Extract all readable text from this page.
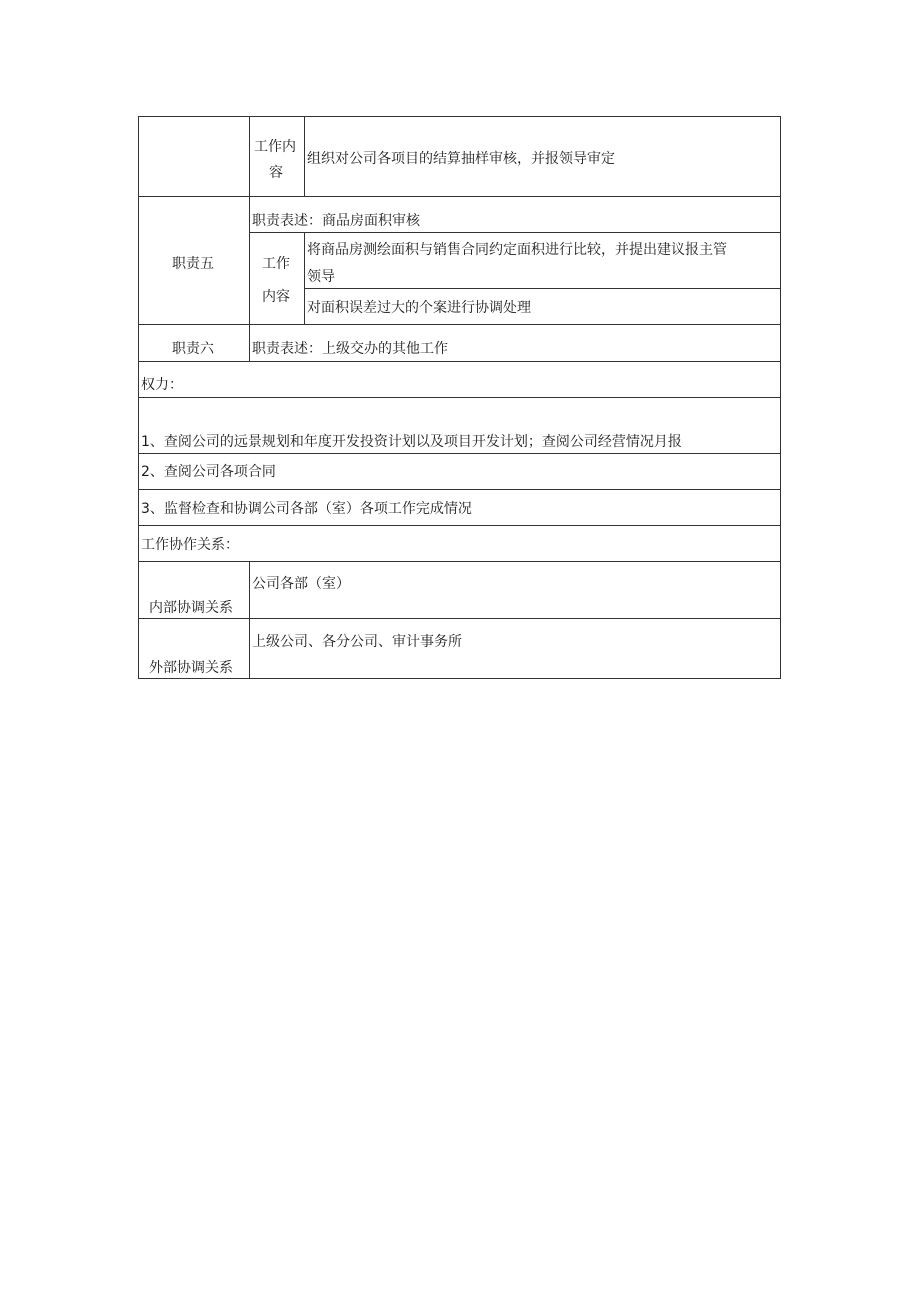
工作内
容
组织对公司各项目的结算抽样审核，并报领导审定
职责五
职责表述：商品房面积审核
工作
内容
将商品房测绘面积与销售合同约定面积进行比较，并提出建议报主管
领导
对面积误差过大的个案进行协调处理
职责六	职责表述：上级交办的其他工作
权力：
1、查阅公司的远景规划和年度开发投资计划以及项目开发计划；查阅公司经营情况月报
2、查阅公司各项合同
3、监督检查和协调公司各部（室）各项工作完成情况
工作协作关系：
内部协调关系
公司各部（室）
外部协调关系
上级公司、各分公司、审计事务所
